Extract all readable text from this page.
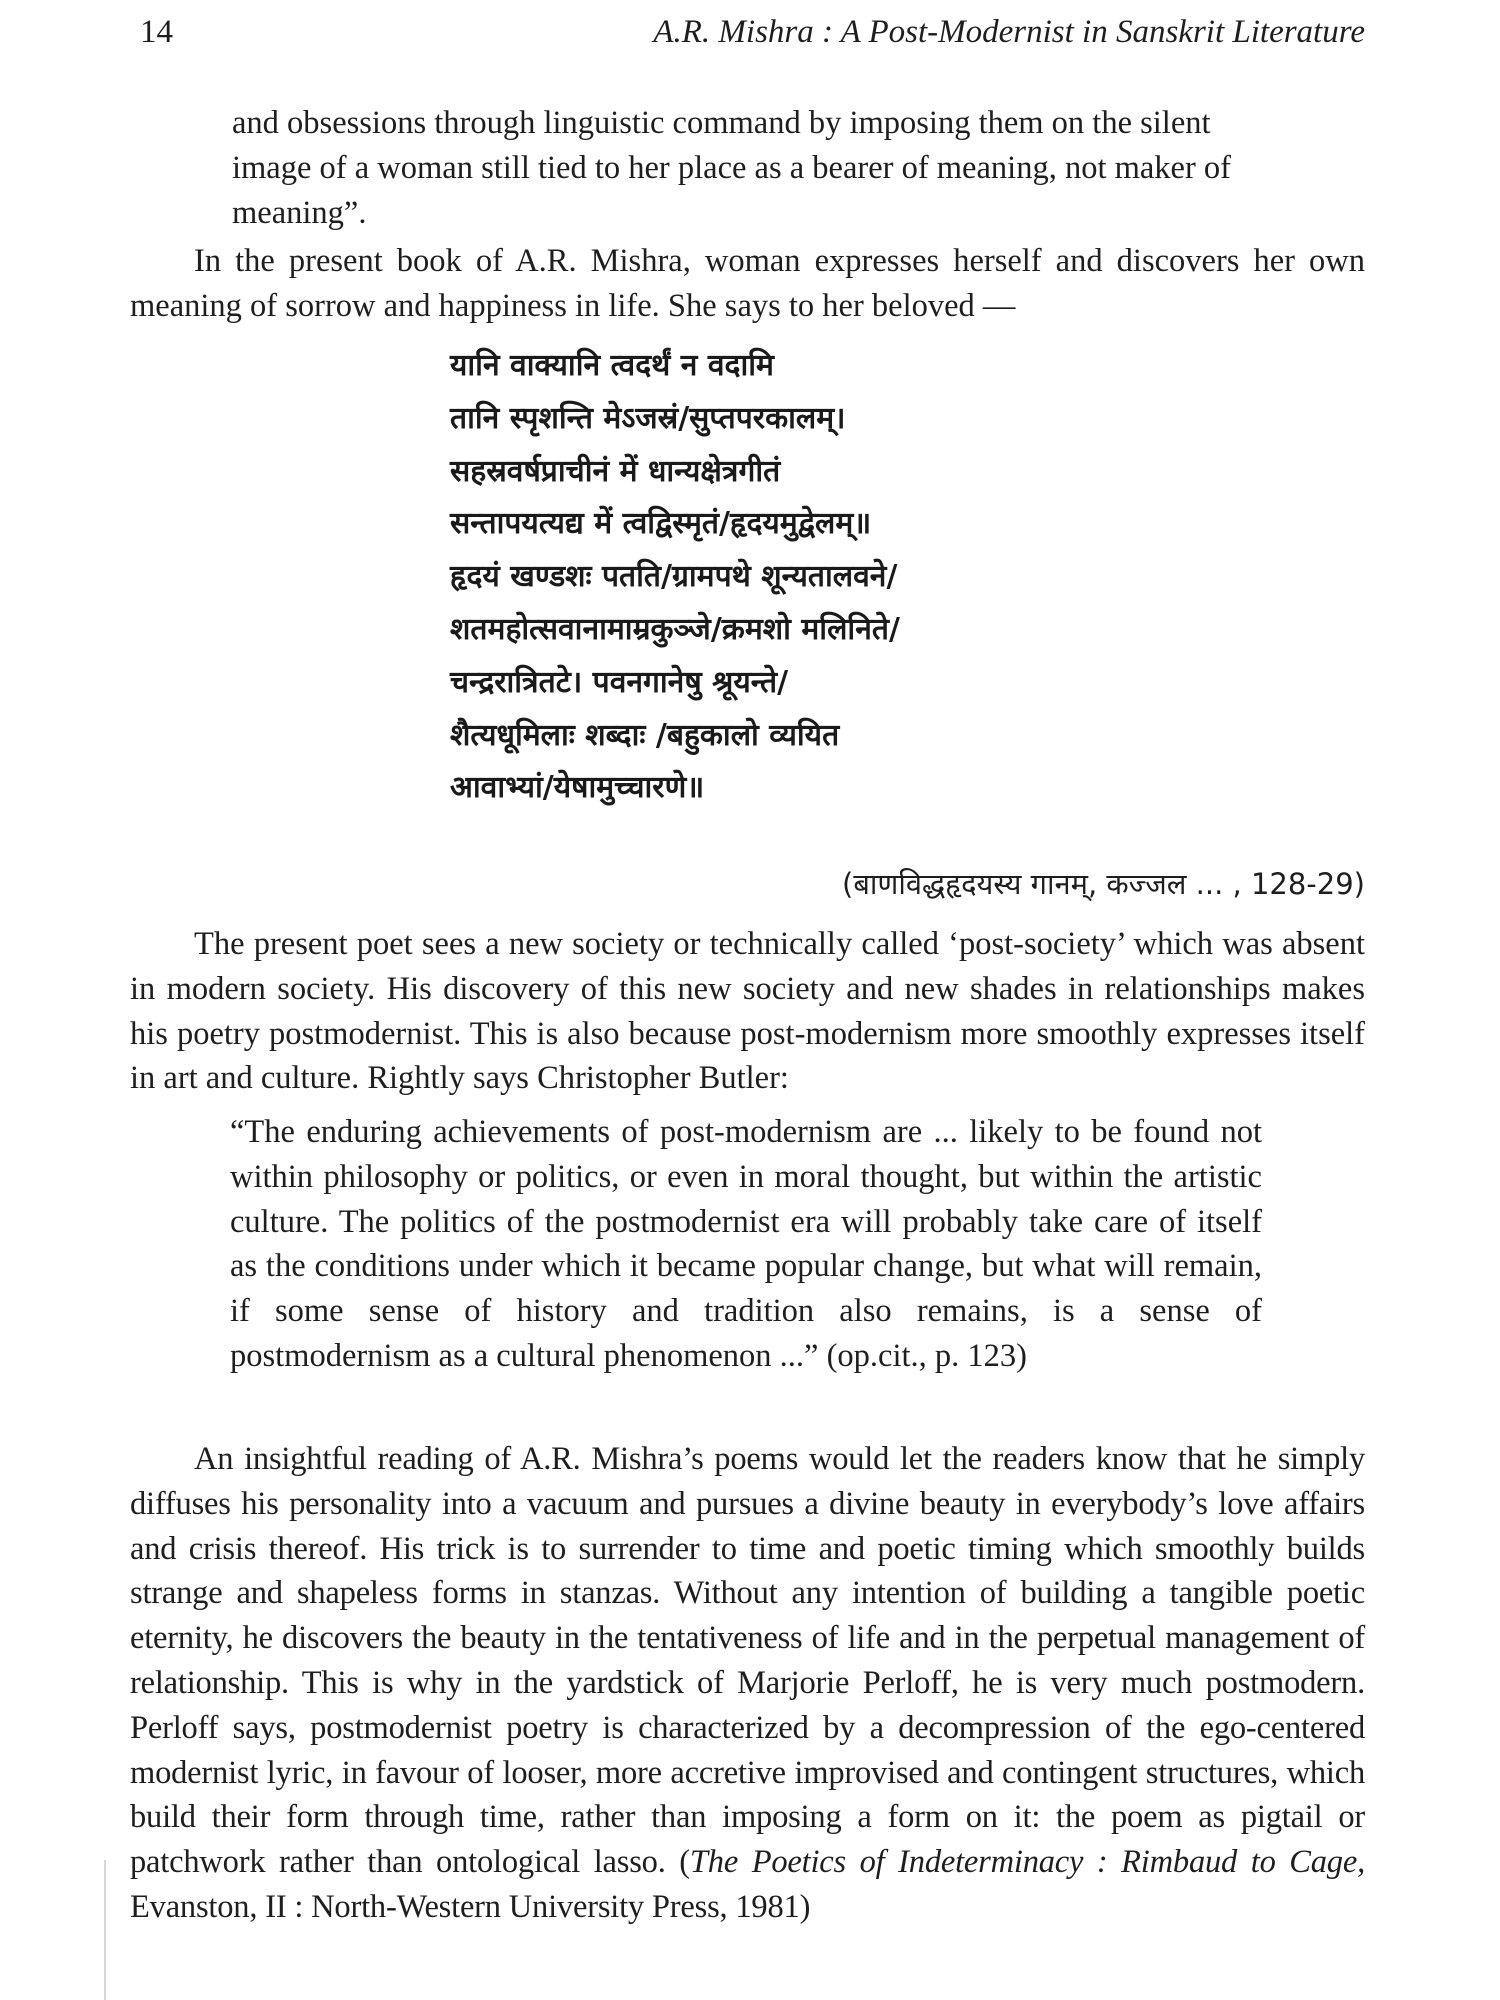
14	A.R. Mishra : A Post-Modernist in Sanskrit Literature

and obsessions through linguistic command by imposing them on the silent image of a woman still tied to her place as a bearer of meaning, not maker of meaning”.

In the present book of A.R. Mishra, woman expresses herself and discovers her own meaning of sorrow and happiness in life. She says to her beloved —

यानि वाक्यानि त्वदर्थं न वदामि
तानि स्पृशन्ति मेऽजस्रं/सुप्तपरकालम्।
सहस्रवर्षप्राचीनं में धान्यक्षेत्रगीतं
सन्तापयत्यद्य में त्वद्विस्मृतं/हृदयमुद्वेलम्॥
हृदयं खण्डशः पतति/ग्रामपथे शून्यतालवने/
शतमहोत्सवानामाम्रकुञ्जे/क्रमशो मलिनिते/
चन्द्ररात्रितटे। पवनगानेषु श्रूयन्ते/
शैत्यधूमिलाः शब्दाः /बहुकालो व्ययित
आवाभ्यां/येषामुच्चारणे॥
(बाणविद्धहृदयस्य गानम्, कज्जल ... , 128-29)

The present poet sees a new society or technically called ‘post-society’ which was absent in modern society. His discovery of this new society and new shades in relationships makes his poetry postmodernist. This is also because post-modernism more smoothly expresses itself in art and culture. Rightly says Christopher Butler:

“The enduring achievements of post-modernism are ... likely to be found not within philosophy or politics, or even in moral thought, but within the artistic culture. The politics of the postmodernist era will probably take care of itself as the conditions under which it became popular change, but what will remain, if some sense of history and tradition also remains, is a sense of postmodernism as a cultural phenomenon ...” (op.cit., p. 123)

An insightful reading of A.R. Mishra’s poems would let the readers know that he simply diffuses his personality into a vacuum and pursues a divine beauty in everybody’s love affairs and crisis thereof. His trick is to surrender to time and poetic timing which smoothly builds strange and shapeless forms in stanzas. Without any intention of building a tangible poetic eternity, he discovers the beauty in the tentativeness of life and in the perpetual management of relationship. This is why in the yardstick of Marjorie Perloff, he is very much postmodern. Perloff says, postmodernist poetry is characterized by a decompression of the ego-centered modernist lyric, in favour of looser, more accretive improvised and contingent structures, which build their form through time, rather than imposing a form on it: the poem as pigtail or patchwork rather than ontological lasso. (The Poetics of Indeterminacy : Rimbaud to Cage, Evanston, II : North-Western University Press, 1981)
